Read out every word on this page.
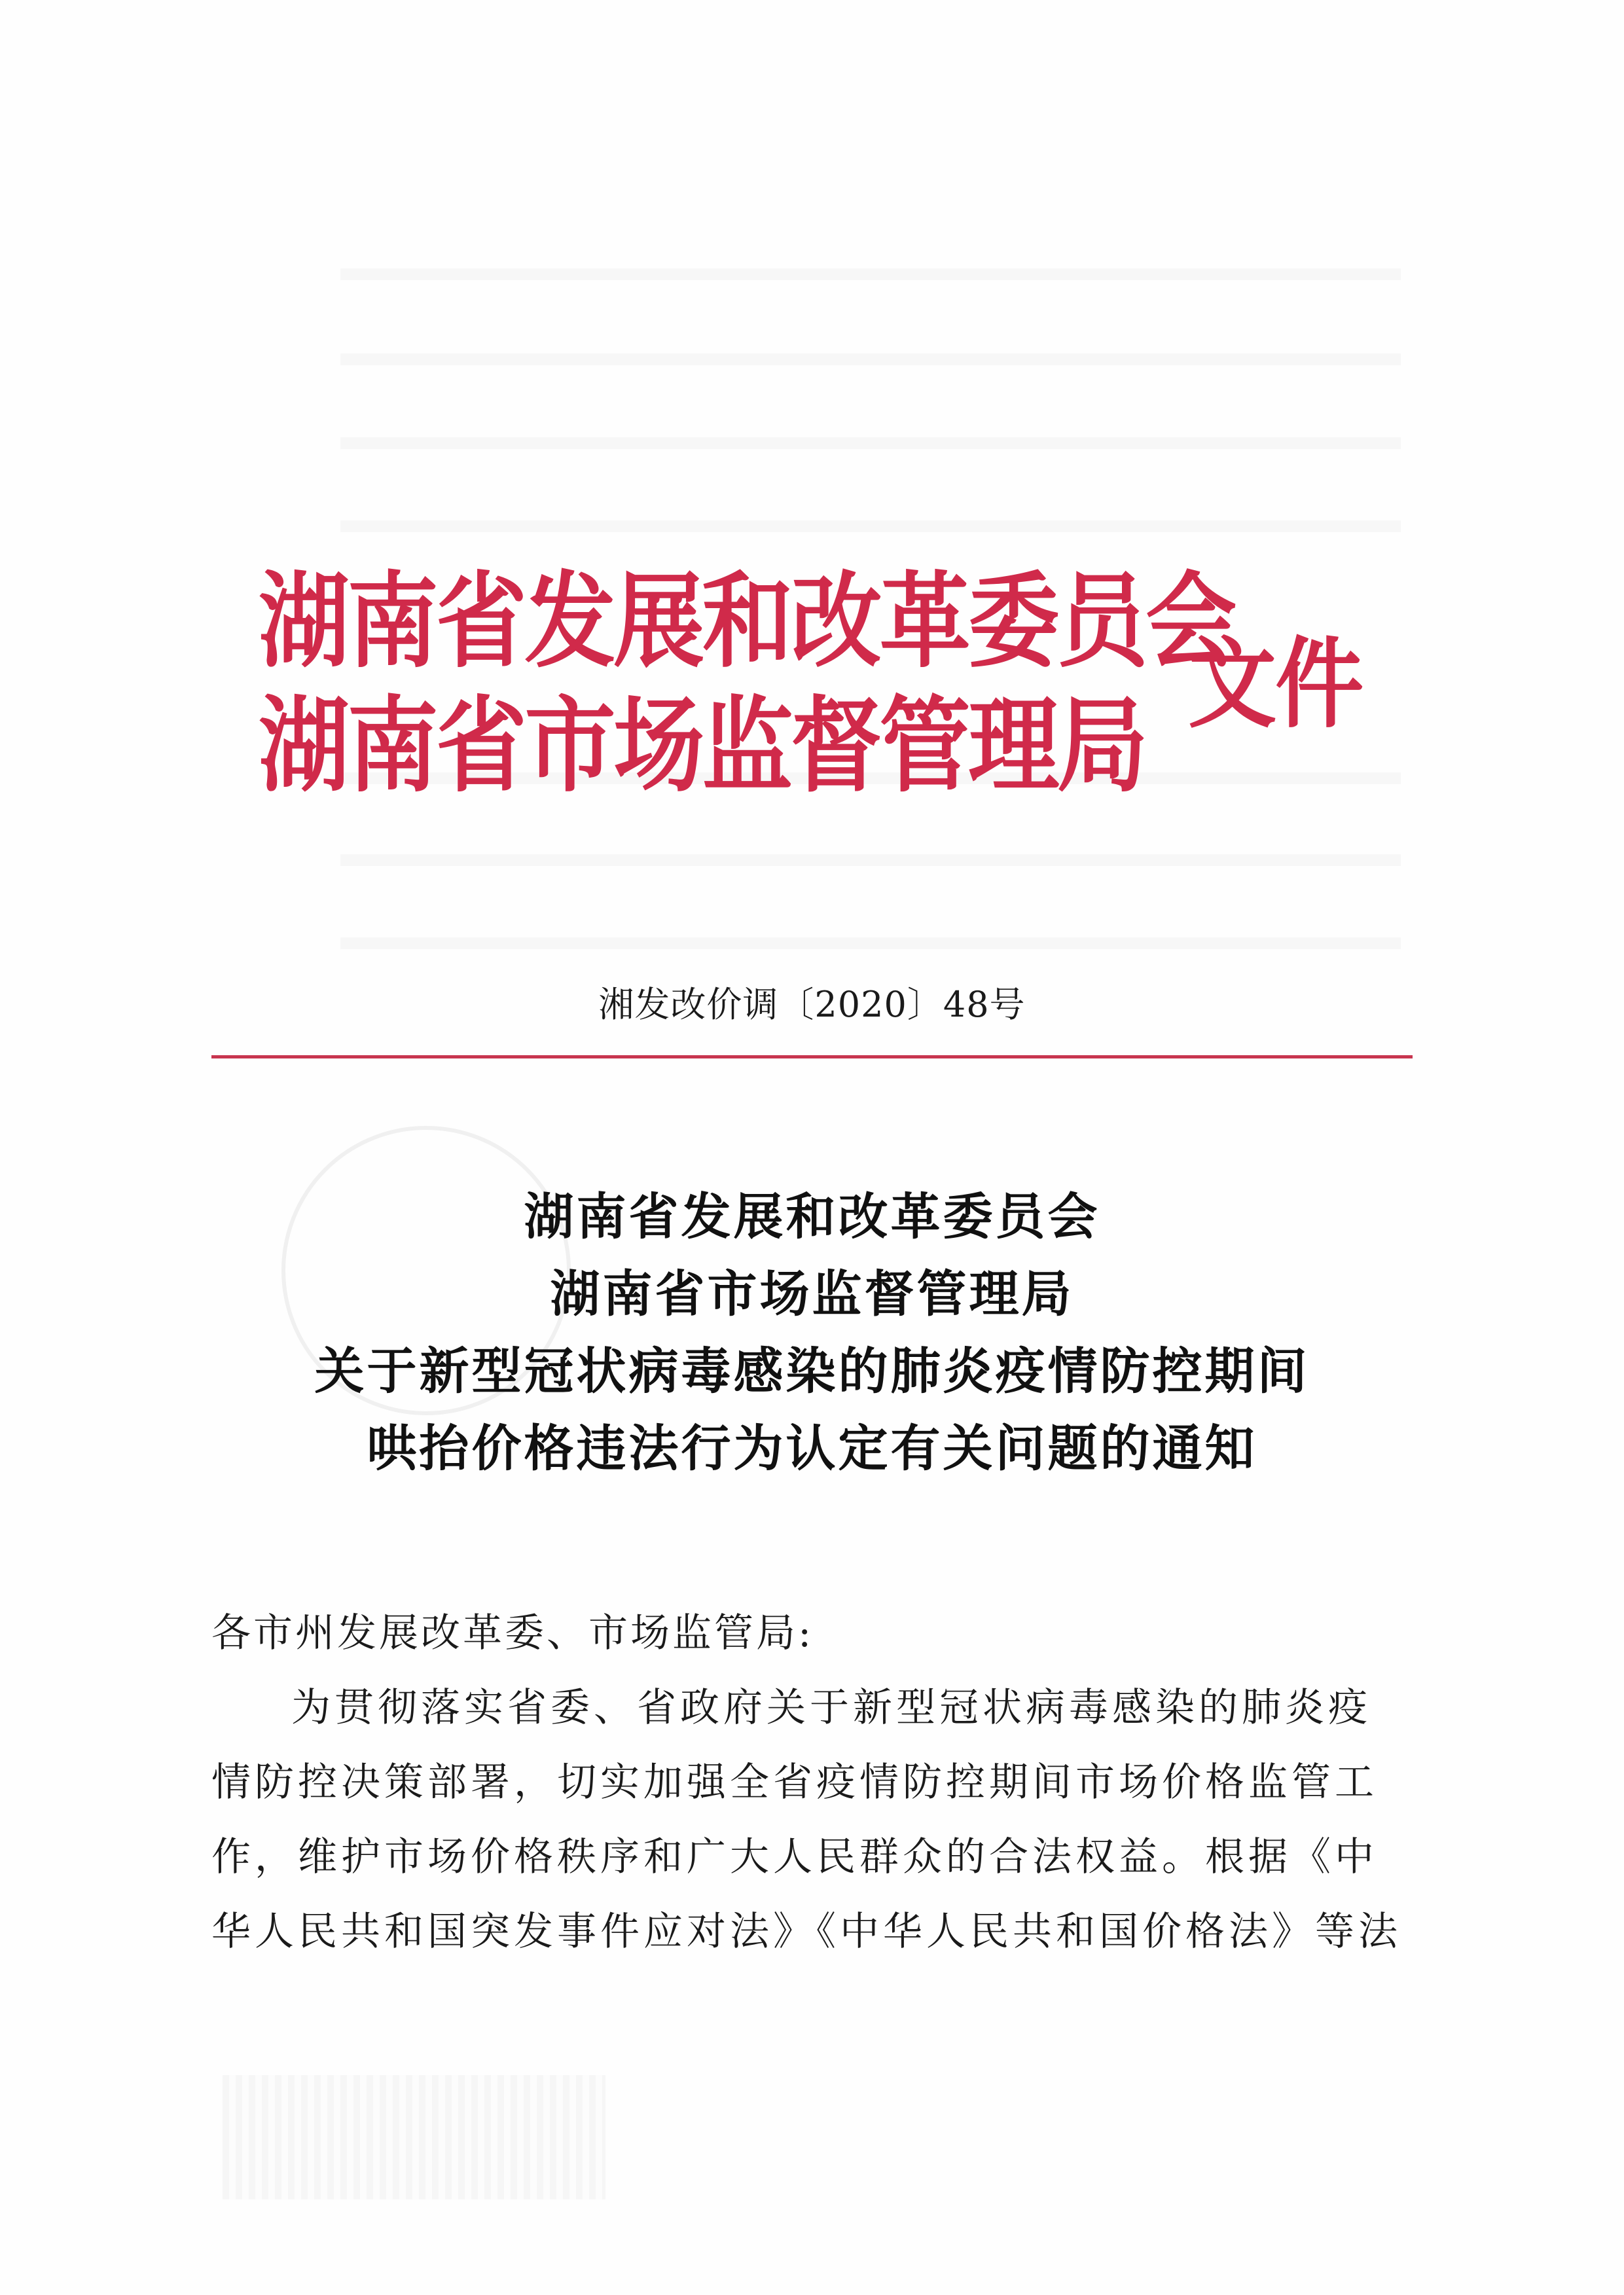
湖南省发展和改革委员会
湖南省市场监督管理局
文件
湘发改价调〔2020〕48号
湖南省发展和改革委员会
湖南省市场监督管理局
关于新型冠状病毒感染的肺炎疫情防控期间
哄抬价格违法行为认定有关问题的通知
各市州发展改革委、市场监管局:
为贯彻落实省委、省政府关于新型冠状病毒感染的肺炎疫
情防控决策部署，切实加强全省疫情防控期间市场价格监管工
作，维护市场价格秩序和广大人民群众的合法权益。根据《中
华人民共和国突发事件应对法》《中华人民共和国价格法》等法
